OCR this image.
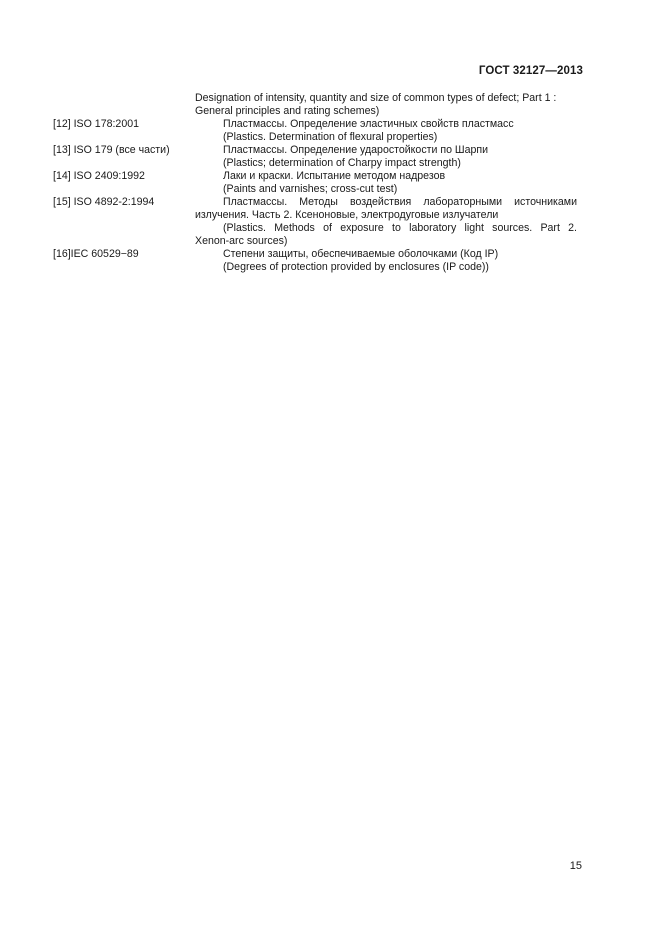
ГОСТ 32127—2013
Designation of intensity, quantity and size of common types of defect; Part 1 :
General principles and rating schemes)
[12] ISO 178:2001	Пластмассы. Определение эластичных свойств пластмасс
(Plastics. Determination of flexural properties)
[13] ISO 179 (все части)	Пластмассы. Определение ударостойкости по Шарпи
(Plastics; determination of Charpy impact strength)
[14] ISO 2409:1992	Лаки и краски. Испытание методом надрезов
(Paints and varnishes; cross-cut test)
[15] ISO 4892-2:1994	Пластмассы. Методы воздействия лабораторными источниками
излучения. Часть 2. Ксеноновые, электродуговые излучатели
(Plastics. Methods of exposure to laboratory light sources. Part 2.
Xenon-arc sources)
[16]IEC 60529−89	Степени защиты, обеспечиваемые оболочками (Код IP)
(Degrees of protection provided by enclosures (IP code))
15
